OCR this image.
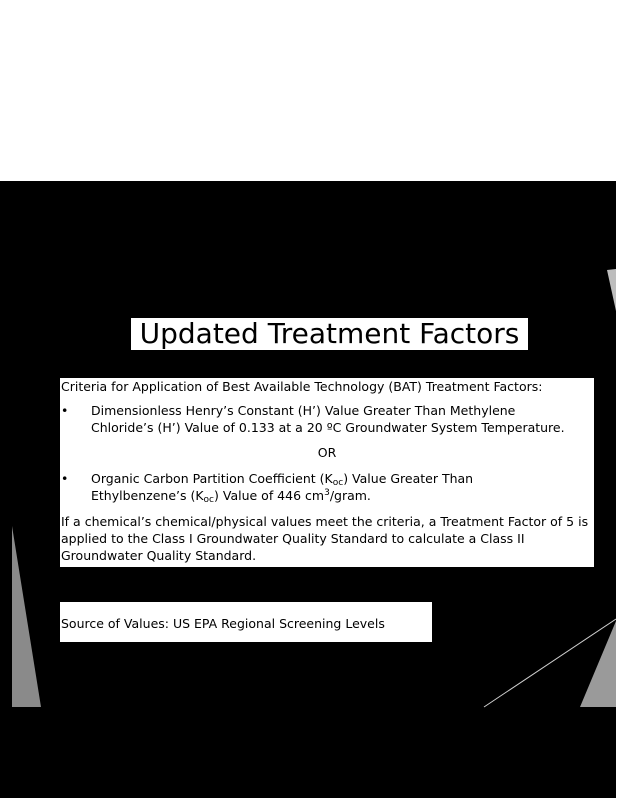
Updated Treatment Factors

Criteria for Application of Best Available Technology (BAT) Treatment Factors:

•	Dimensionless Henry’s Constant (H’) Value Greater Than Methylene

Chloride’s (H’) Value of 0.133 at a 20 ºC Groundwater System Temperature.

OR

•	Organic Carbon Partition Coefficient $(K_{oc})$ Value Greater Than

Ethylbenzene’s $(K_{oc})$ Value of 446 $cm^3$/gram.

If a chemical’s chemical/physical values meet the criteria, a Treatment Factor of 5 is applied to the Class I Groundwater Quality Standard to calculate a Class II Groundwater Quality Standard.

Source of Values: US EPA Regional Screening Levels

Source of Criteria: Illinois Pollution Control Board R08-18
